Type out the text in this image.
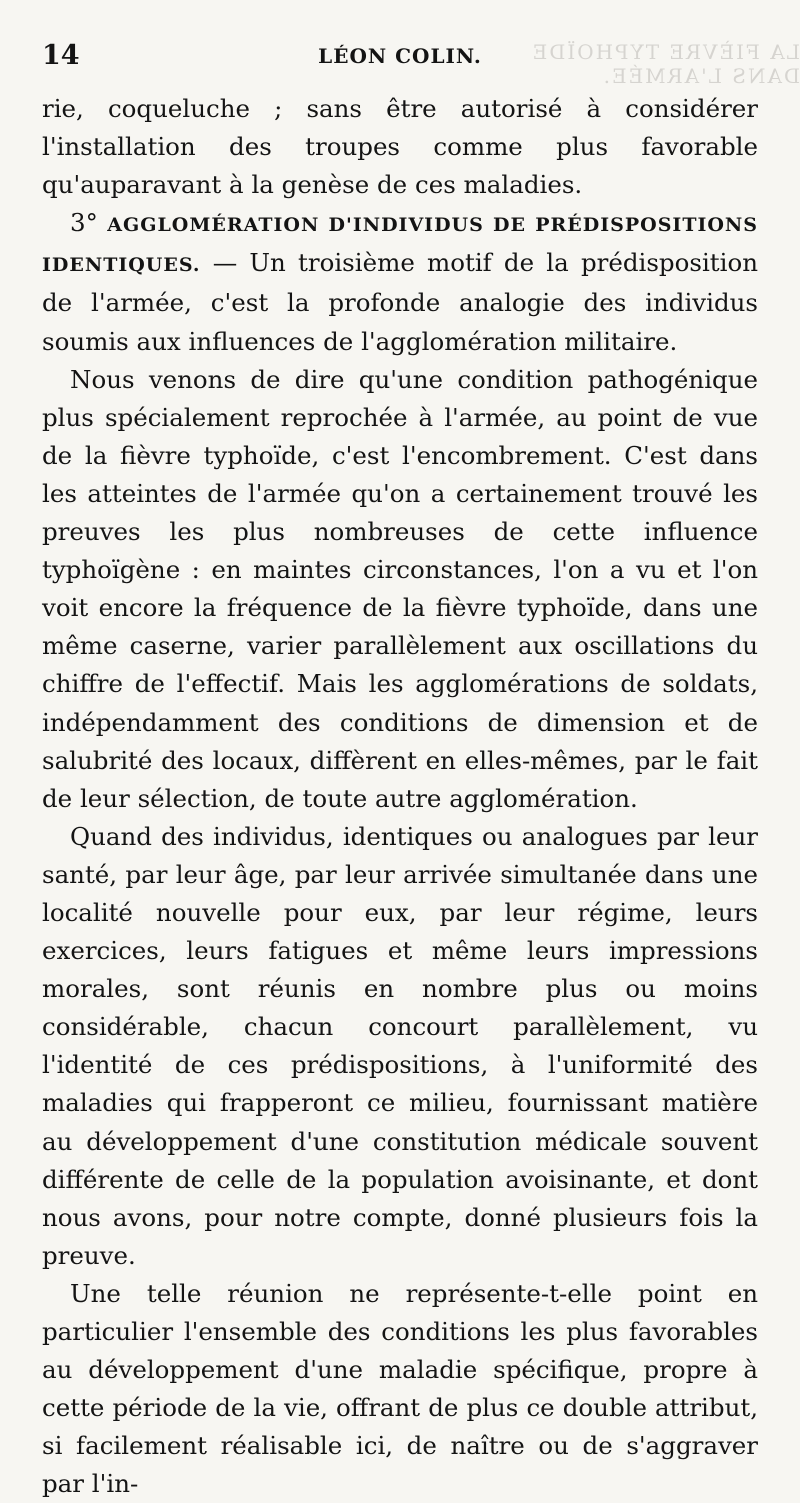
LA FIÈVRE TYPHOÏDE DANS L'ARMÉE.
14	LÉON COLIN.

rie, coqueluche ; sans être autorisé à considérer l'installation des troupes comme plus favorable qu'auparavant à la genèse de ces maladies.

3° AGGLOMÉRATION D'INDIVIDUS DE PRÉDISPOSITIONS IDENTIQUES. — Un troisième motif de la prédisposition de l'armée, c'est la profonde analogie des individus soumis aux influences de l'agglomération militaire.

Nous venons de dire qu'une condition pathogénique plus spécialement reprochée à l'armée, au point de vue de la fièvre typhoïde, c'est l'encombrement. C'est dans les atteintes de l'armée qu'on a certainement trouvé les preuves les plus nombreuses de cette influence typhoïgène : en maintes circonstances, l'on a vu et l'on voit encore la fréquence de la fièvre typhoïde, dans une même caserne, varier parallèlement aux oscillations du chiffre de l'effectif. Mais les agglomérations de soldats, indépendamment des conditions de dimension et de salubrité des locaux, diffèrent en elles-mêmes, par le fait de leur sélection, de toute autre agglomération.

Quand des individus, identiques ou analogues par leur santé, par leur âge, par leur arrivée simultanée dans une localité nouvelle pour eux, par leur régime, leurs exercices, leurs fatigues et même leurs impressions morales, sont réunis en nombre plus ou moins considérable, chacun concourt parallèlement, vu l'identité de ces prédispositions, à l'uniformité des maladies qui frapperont ce milieu, fournissant matière au développement d'une constitution médicale souvent différente de celle de la population avoisinante, et dont nous avons, pour notre compte, donné plusieurs fois la preuve.

Une telle réunion ne représente-t-elle point en particulier l'ensemble des conditions les plus favorables au développement d'une maladie spécifique, propre à cette période de la vie, offrant de plus ce double attribut, si facilement réalisable ici, de naître ou de s'aggraver par l'in-
